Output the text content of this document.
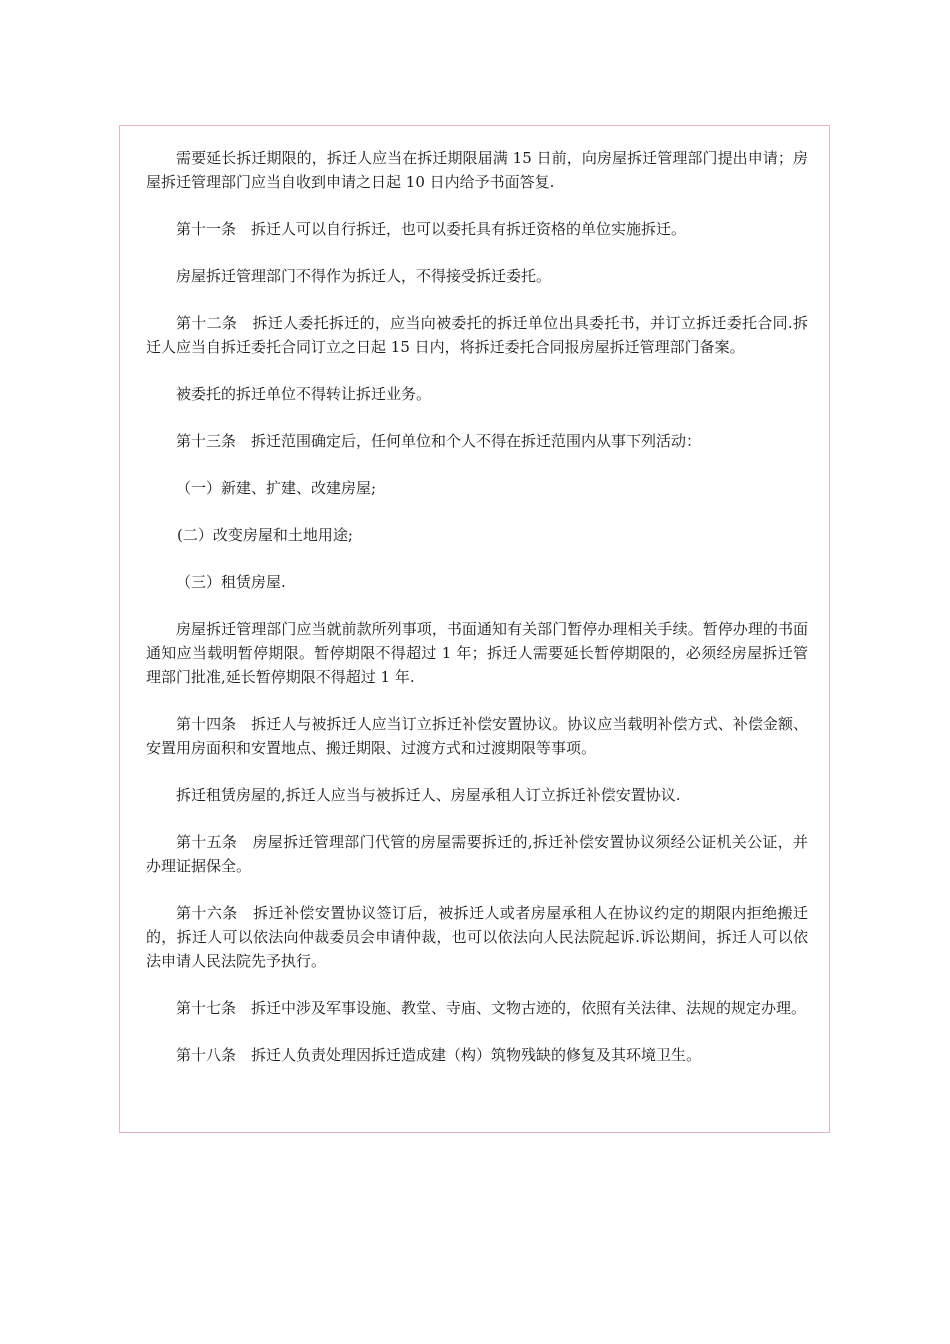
需要延长拆迁期限的，拆迁人应当在拆迁期限届满 15 日前，向房屋拆迁管理部门提出申请；房屋拆迁管理部门应当自收到申请之日起 10 日内给予书面答复.

第十一条　拆迁人可以自行拆迁，也可以委托具有拆迁资格的单位实施拆迁。

房屋拆迁管理部门不得作为拆迁人，不得接受拆迁委托。

第十二条　拆迁人委托拆迁的，应当向被委托的拆迁单位出具委托书，并订立拆迁委托合同.拆迁人应当自拆迁委托合同订立之日起 15 日内，将拆迁委托合同报房屋拆迁管理部门备案。

被委托的拆迁单位不得转让拆迁业务。

第十三条　拆迁范围确定后，任何单位和个人不得在拆迁范围内从事下列活动：

（一）新建、扩建、改建房屋;

(二）改变房屋和土地用途;

（三）租赁房屋.

房屋拆迁管理部门应当就前款所列事项，书面通知有关部门暂停办理相关手续。暂停办理的书面通知应当载明暂停期限。暂停期限不得超过 1 年；拆迁人需要延长暂停期限的，必须经房屋拆迁管理部门批准,延长暂停期限不得超过 1 年.

第十四条　拆迁人与被拆迁人应当订立拆迁补偿安置协议。协议应当载明补偿方式、补偿金额、安置用房面积和安置地点、搬迁期限、过渡方式和过渡期限等事项。

拆迁租赁房屋的,拆迁人应当与被拆迁人、房屋承租人订立拆迁补偿安置协议.

第十五条　房屋拆迁管理部门代管的房屋需要拆迁的,拆迁补偿安置协议须经公证机关公证，并办理证据保全。

第十六条　拆迁补偿安置协议签订后，被拆迁人或者房屋承租人在协议约定的期限内拒绝搬迁的，拆迁人可以依法向仲裁委员会申请仲裁，也可以依法向人民法院起诉.诉讼期间，拆迁人可以依法申请人民法院先予执行。

第十七条　拆迁中涉及军事设施、教堂、寺庙、文物古迹的，依照有关法律、法规的规定办理。

第十八条　拆迁人负责处理因拆迁造成建（构）筑物残缺的修复及其环境卫生。
